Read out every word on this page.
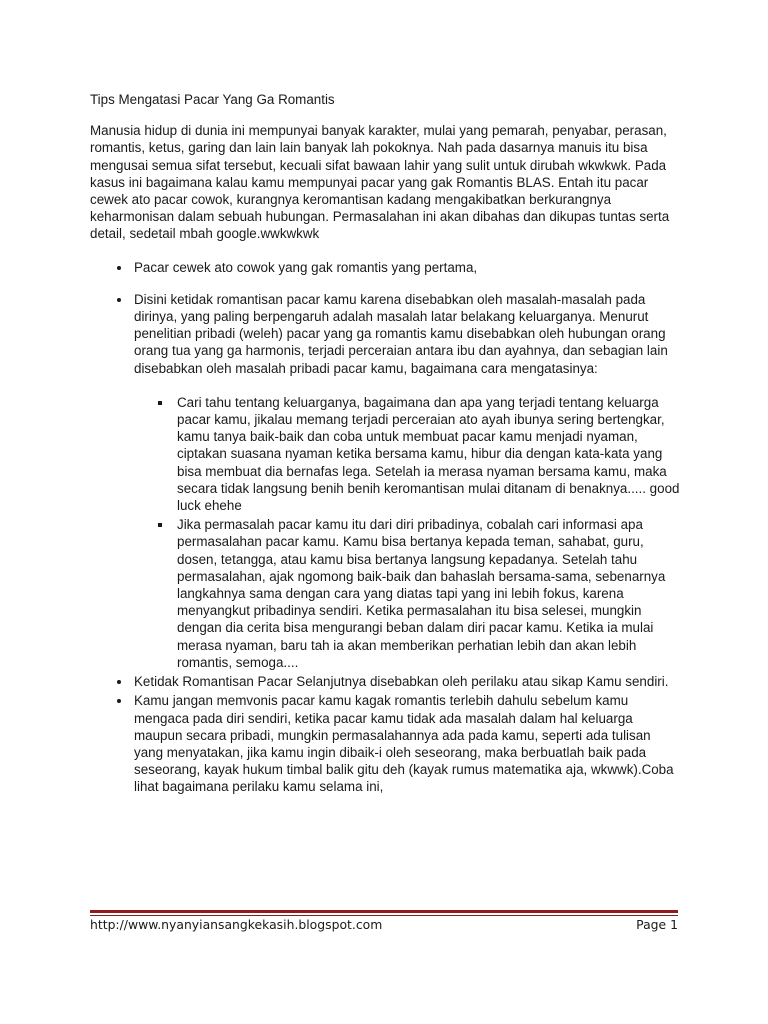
Tips Mengatasi Pacar Yang Ga Romantis

Manusia hidup di dunia ini mempunyai banyak karakter, mulai yang pemarah, penyabar, perasan, romantis, ketus, garing dan lain lain banyak lah pokoknya. Nah pada dasarnya manuis itu bisa mengusai semua sifat tersebut, kecuali sifat bawaan lahir yang sulit untuk dirubah wkwkwk. Pada kasus ini bagaimana kalau kamu mempunyai pacar yang gak Romantis BLAS. Entah itu pacar cewek ato pacar cowok, kurangnya keromantisan kadang mengakibatkan berkurangnya keharmonisan dalam sebuah hubungan. Permasalahan ini akan dibahas dan dikupas tuntas serta detail, sedetail mbah google.wwkwkwk

Pacar cewek ato cowok yang gak romantis yang pertama,
Disini ketidak romantisan pacar kamu karena disebabkan oleh masalah-masalah pada dirinya, yang paling berpengaruh adalah masalah latar belakang keluarganya. Menurut penelitian pribadi (weleh) pacar yang ga romantis kamu disebabkan oleh hubungan orang orang tua yang ga harmonis, terjadi perceraian antara ibu dan ayahnya, dan sebagian lain disebabkan oleh masalah pribadi pacar kamu, bagaimana cara mengatasinya:
Cari tahu tentang keluarganya, bagaimana dan apa yang terjadi tentang keluarga pacar kamu, jikalau memang terjadi perceraian ato ayah ibunya sering bertengkar, kamu tanya baik-baik dan coba untuk membuat pacar kamu menjadi nyaman, ciptakan suasana nyaman ketika bersama kamu, hibur dia dengan kata-kata yang bisa membuat dia bernafas lega. Setelah ia merasa nyaman bersama kamu, maka secara tidak langsung benih benih keromantisan mulai ditanam di benaknya..... good luck ehehe
Jika permasalah pacar kamu itu dari diri pribadinya, cobalah cari informasi apa permasalahan pacar kamu. Kamu bisa bertanya kepada teman, sahabat, guru, dosen, tetangga, atau kamu bisa bertanya langsung kepadanya. Setelah tahu permasalahan, ajak ngomong baik-baik dan bahaslah bersama-sama, sebenarnya langkahnya sama dengan cara yang diatas tapi yang ini lebih fokus, karena menyangkut pribadinya sendiri. Ketika permasalahan itu bisa selesei, mungkin dengan dia cerita bisa mengurangi beban dalam diri pacar kamu. Ketika ia mulai merasa nyaman, baru tah ia akan memberikan perhatian lebih dan akan lebih romantis, semoga....
Ketidak Romantisan Pacar Selanjutnya disebabkan oleh perilaku atau sikap Kamu sendiri.
Kamu jangan memvonis pacar kamu kagak romantis terlebih dahulu sebelum kamu mengaca pada diri sendiri, ketika pacar kamu tidak ada masalah dalam hal keluarga maupun secara pribadi, mungkin permasalahannya ada pada kamu, seperti ada tulisan yang menyatakan, jika kamu ingin dibaik-i oleh seseorang, maka berbuatlah baik pada seseorang, kayak hukum timbal balik gitu deh (kayak rumus matematika aja, wkwwk).Coba lihat bagaimana perilaku kamu selama ini,
http://www.nyanyiansangkekasih.blogspot.com	Page 1
